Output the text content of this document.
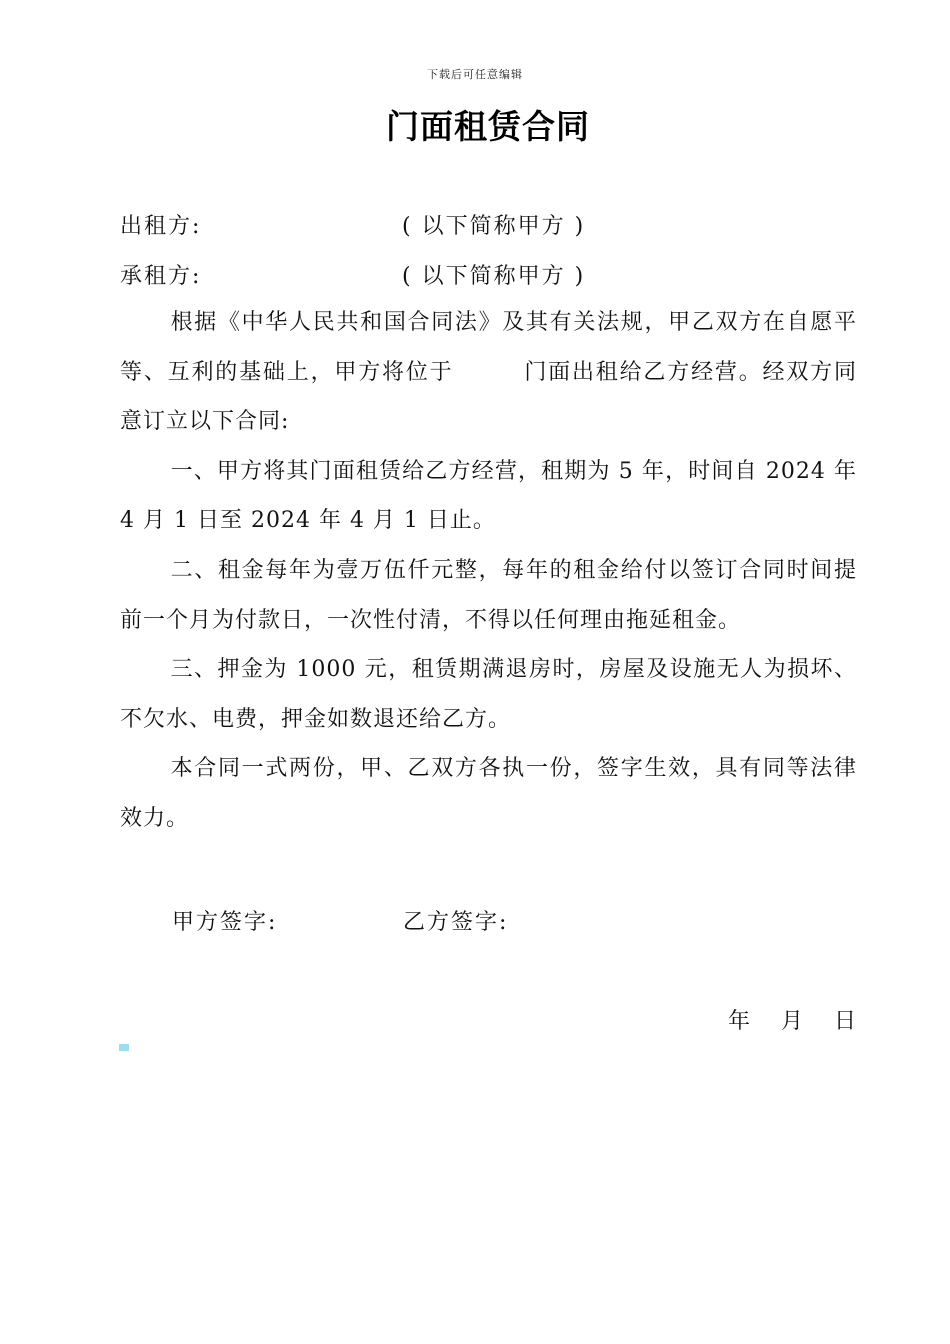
下载后可任意编辑
门面租赁合同
出租方:	( 以下简称甲方 )
承租方:	( 以下简称甲方 )

根据《中华人民共和国合同法》及其有关法规，甲乙双方在自愿平等、互利的基础上，甲方将位于	门面出租给乙方经营。经双方同意订立以下合同:

一、甲方将其门面租赁给乙方经营，租期为 5 年，时间自 2024 年 4 月 1 日至 2024 年 4 月 1 日止。

二、租金每年为壹万伍仟元整，每年的租金给付以签订合同时间提前一个月为付款日，一次性付清，不得以任何理由拖延租金。

三、押金为 1000 元，租赁期满退房时，房屋及设施无人为损坏、不欠水、电费，押金如数退还给乙方。

本合同一式两份，甲、乙双方各执一份，签字生效，具有同等法律效力。

甲方签字:	乙方签字:
年 月 日
